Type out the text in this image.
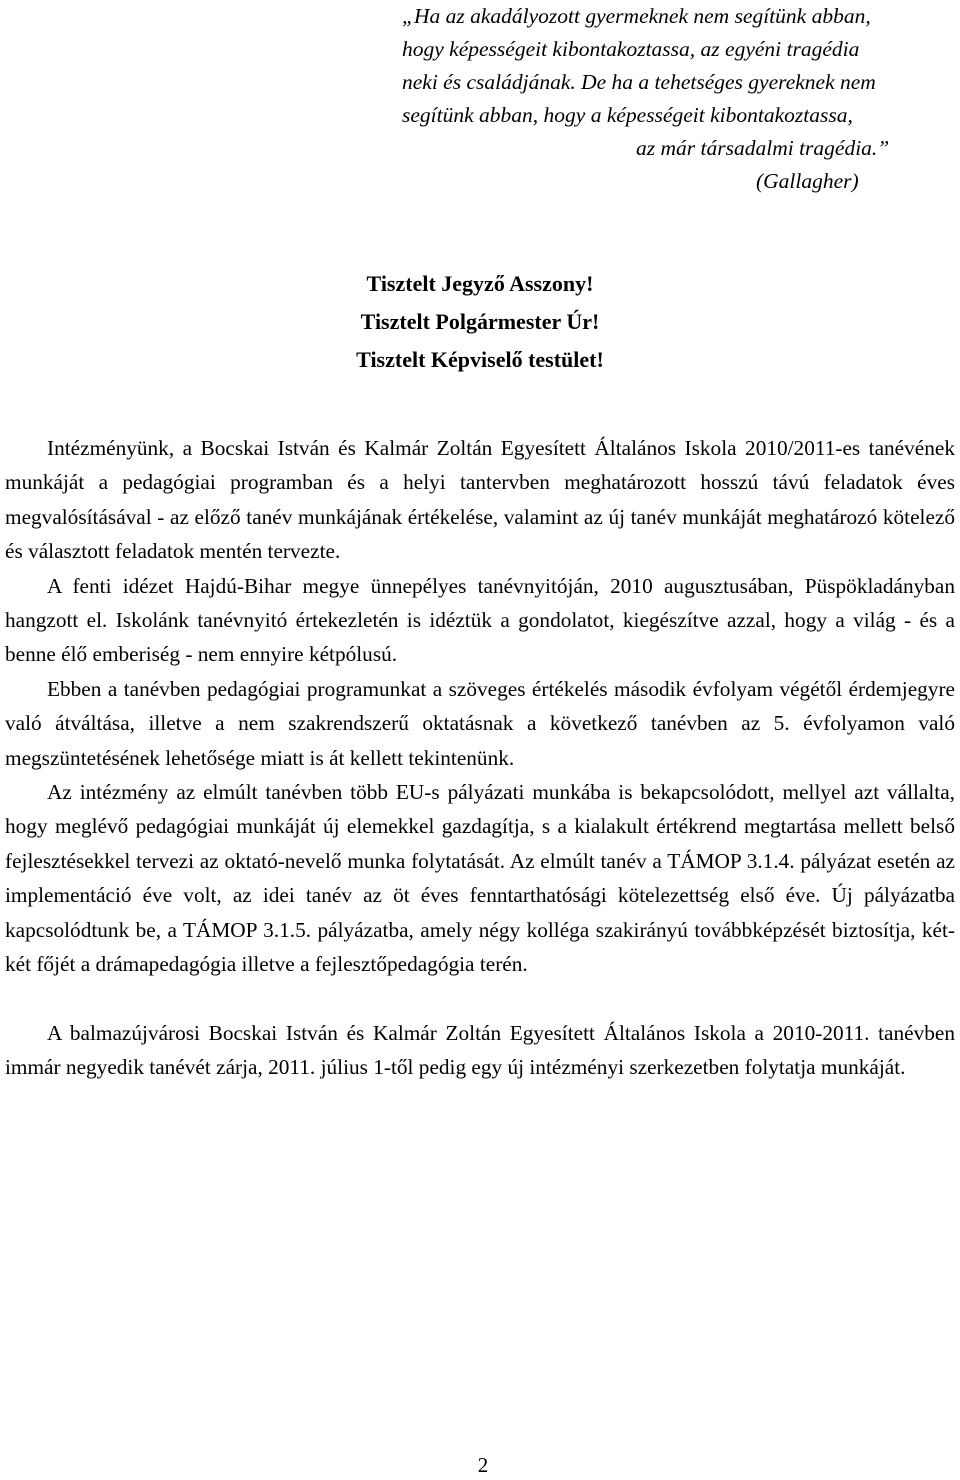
„Ha az akadályozott gyermeknek nem segítünk abban,
hogy képességeit kibontakoztassa, az egyéni tragédia
neki és családjának. De ha a tehetséges gyereknek nem
segítünk abban, hogy a képességeit kibontakoztassa,
az már társadalmi tragédia.”
(Gallagher)
Tisztelt Jegyző Asszony!
Tisztelt Polgármester Úr!
Tisztelt Képviselő testület!

Intézményünk, a Bocskai István és Kalmár Zoltán Egyesített Általános Iskola 2010/2011-es tanévének munkáját a pedagógiai programban és a helyi tantervben meghatározott hosszú távú feladatok éves megvalósításával - az előző tanév munkájának értékelése, valamint az új tanév munkáját meghatározó kötelező és választott feladatok mentén tervezte.

A fenti idézet Hajdú-Bihar megye ünnepélyes tanévnyitóján, 2010 augusztusában, Püspökladányban hangzott el. Iskolánk tanévnyitó értekezletén is idéztük a gondolatot, kiegészítve azzal, hogy a világ - és a benne élő emberiség - nem ennyire kétpólusú.

Ebben a tanévben pedagógiai programunkat a szöveges értékelés második évfolyam végétől érdemjegyre való átváltása, illetve a nem szakrendszerű oktatásnak a következő tanévben az 5. évfolyamon való megszüntetésének lehetősége miatt is át kellett tekintenünk.

Az intézmény az elmúlt tanévben több EU-s pályázati munkába is bekapcsolódott, mellyel azt vállalta, hogy meglévő pedagógiai munkáját új elemekkel gazdagítja, s a kialakult értékrend megtartása mellett belső fejlesztésekkel tervezi az oktató-nevelő munka folytatását. Az elmúlt tanév a TÁMOP 3.1.4. pályázat esetén az implementáció éve volt, az idei tanév az öt éves fenntarthatósági kötelezettség első éve. Új pályázatba kapcsolódtunk be, a TÁMOP 3.1.5. pályázatba, amely négy kolléga szakirányú továbbképzését biztosítja, két-két főjét a drámapedagógia illetve a fejlesztőpedagógia terén.

A balmazújvárosi Bocskai István és Kalmár Zoltán Egyesített Általános Iskola a 2010-2011. tanévben immár negyedik tanévét zárja, 2011. július 1-től pedig egy új intézményi szerkezetben folytatja munkáját.

2
